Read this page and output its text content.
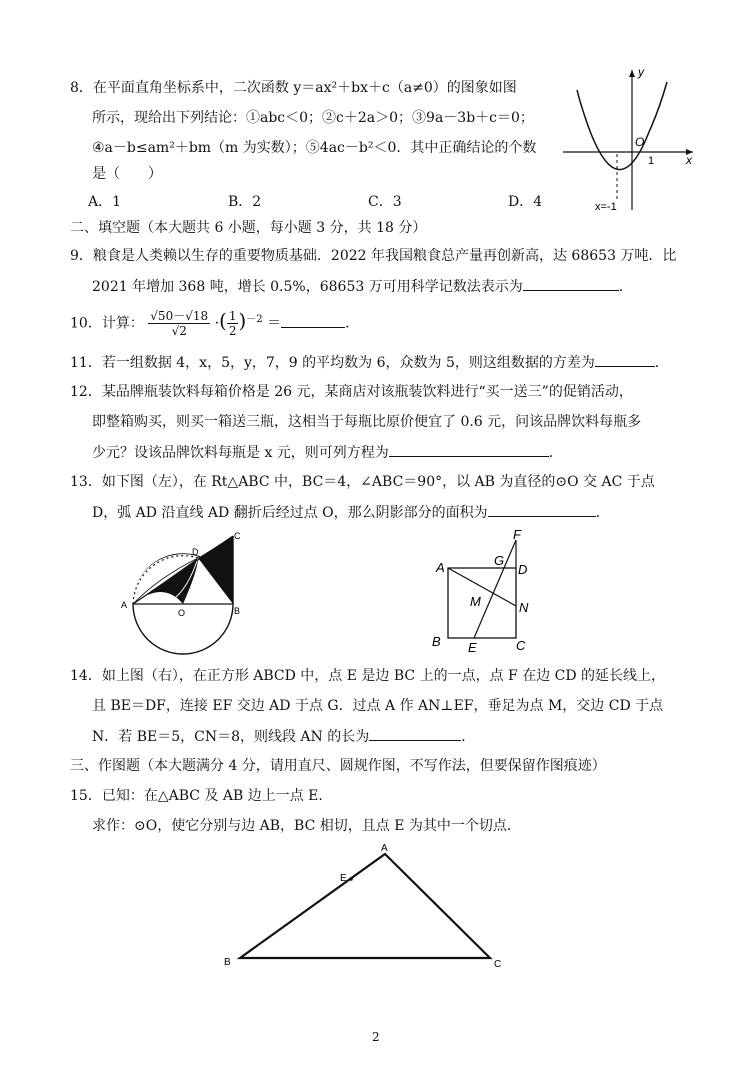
8．在平面直角坐标系中，二次函数 y＝ax²＋bx＋c（a≠0）的图象如图
所示，现给出下列结论：①abc＜0；②c＋2a＞0；③9a－3b＋c＝0；
④a－b≤am²＋bm（m 为实数）；⑤4ac－b²＜0．其中正确结论的个数
是（　　）
A．1	B．2	C．3	D．4
y
x
O
1
x=-1
二、填空题（本大题共 6 小题，每小题 3 分，共 18 分）
9．粮食是人类赖以生存的重要物质基础．2022 年我国粮食总产量再创新高，达 68653 万吨．比
2021 年增加 368 吨，增长 0.5%，68653 万可用科学记数法表示为	．
10．计算： $\frac{√50-√18}{√2}$ ·( $\frac{1}{2} )^{-2}$ ＝	．
11．若一组数据 4，x，5，y，7，9 的平均数为 6，众数为 5，则这组数据的方差为	．
12．某品牌瓶装饮料每箱价格是 26 元，某商店对该瓶装饮料进行“买一送三”的促销活动，
即整箱购买，则买一箱送三瓶，这相当于每瓶比原价便宜了 0.6 元，问该品牌饮料每瓶多
少元？设该品牌饮料每瓶是 x 元，则可列方程为	．
13．如下图（左），在 Rt△ABC 中，BC＝4，∠ABC＝90°，以 AB 为直径的⊙O 交 AC 于点
D，弧 AD 沿直线 AD 翻折后经过点 O，那么阴影部分的面积为	．
A
B
C
D
O
A
B	C
D
E
F
G
M	N
14．如上图（右），在正方形 ABCD 中，点 E 是边 BC 上的一点，点 F 在边 CD 的延长线上，
且 BE＝DF，连接 EF 交边 AD 于点 G．过点 A 作 AN⊥EF，垂足为点 M，交边 CD 于点
N．若 BE＝5，CN＝8，则线段 AN 的长为	．
三、作图题（本大题满分 4 分，请用直尺、圆规作图，不写作法，但要保留作图痕迹）
15．已知：在△ABC 及 AB 边上一点 E．
求作：⊙O，使它分别与边 AB，BC 相切，且点 E 为其中一个切点．
A
B	C
E
2
